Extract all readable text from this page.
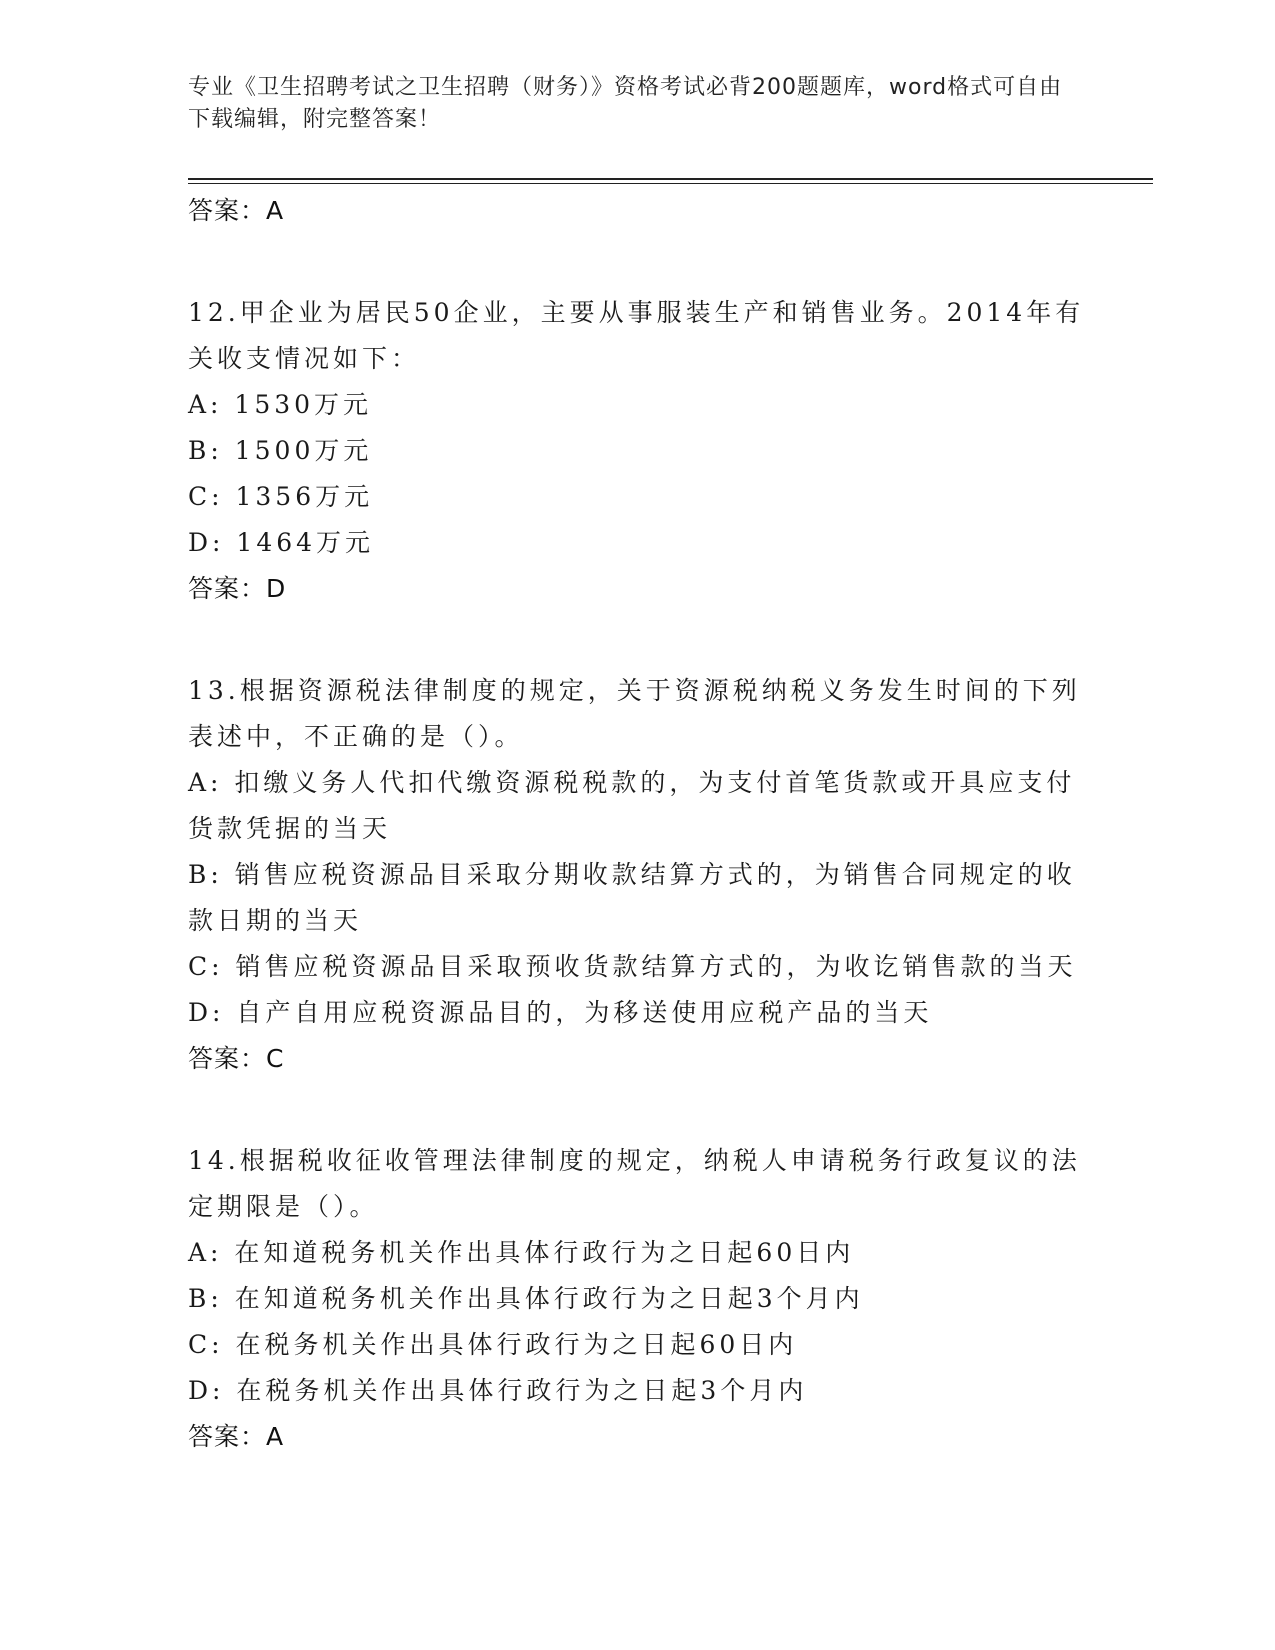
专业《卫生招聘考试之卫生招聘（财务）》资格考试必背200题题库，word格式可自由下载编辑，附完整答案！
答案：A

12.甲企业为居民50企业，主要从事服装生产和销售业务。2014年有关收支情况如下：

A: 1530万元

B: 1500万元

C: 1356万元

D: 1464万元

答案：D

13.根据资源税法律制度的规定，关于资源税纳税义务发生时间的下列表述中，不正确的是（）。

A: 扣缴义务人代扣代缴资源税税款的，为支付首笔货款或开具应支付货款凭据的当天

B: 销售应税资源品目采取分期收款结算方式的，为销售合同规定的收款日期的当天

C: 销售应税资源品目采取预收货款结算方式的，为收讫销售款的当天

D: 自产自用应税资源品目的，为移送使用应税产品的当天

答案：C

14.根据税收征收管理法律制度的规定，纳税人申请税务行政复议的法定期限是（）。

A: 在知道税务机关作出具体行政行为之日起60日内

B: 在知道税务机关作出具体行政行为之日起3个月内

C: 在税务机关作出具体行政行为之日起60日内

D: 在税务机关作出具体行政行为之日起3个月内

答案：A
